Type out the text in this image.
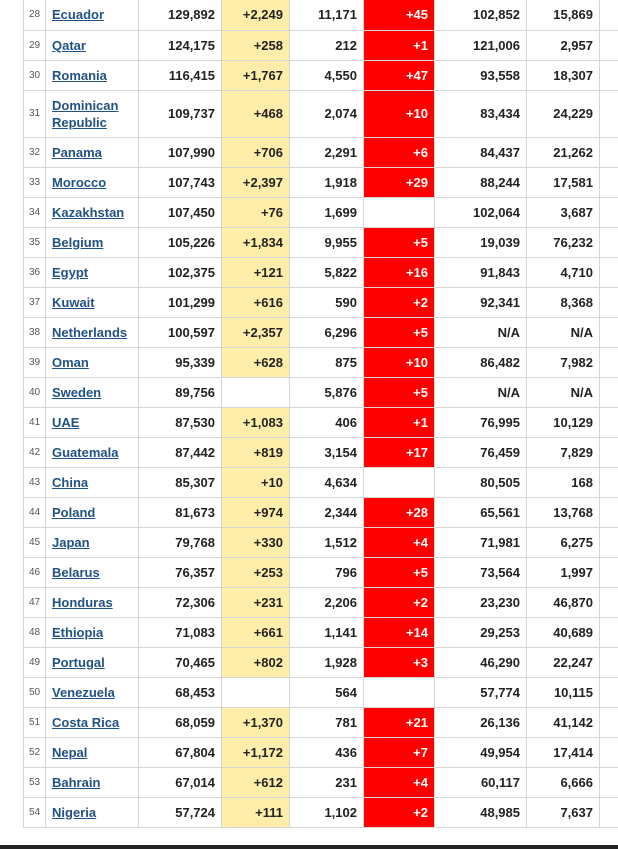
28	Ecuador	129,892	+2,249	11,171	+45	102,852	15,869	
29	Qatar	124,175	+258	212	+1	121,006	2,957	
30	Romania	116,415	+1,767	4,550	+47	93,558	18,307	
31	Dominican Republic	109,737	+468	2,074	+10	83,434	24,229	
32	Panama	107,990	+706	2,291	+6	84,437	21,262	
33	Morocco	107,743	+2,397	1,918	+29	88,244	17,581	
34	Kazakhstan	107,450	+76	1,699		102,064	3,687	
35	Belgium	105,226	+1,834	9,955	+5	19,039	76,232	
36	Egypt	102,375	+121	5,822	+16	91,843	4,710	
37	Kuwait	101,299	+616	590	+2	92,341	8,368	
38	Netherlands	100,597	+2,357	6,296	+5	N/A	N/A	
39	Oman	95,339	+628	875	+10	86,482	7,982	
40	Sweden	89,756		5,876	+5	N/A	N/A	
41	UAE	87,530	+1,083	406	+1	76,995	10,129	
42	Guatemala	87,442	+819	3,154	+17	76,459	7,829	
43	China	85,307	+10	4,634		80,505	168	
44	Poland	81,673	+974	2,344	+28	65,561	13,768	
45	Japan	79,768	+330	1,512	+4	71,981	6,275	
46	Belarus	76,357	+253	796	+5	73,564	1,997	
47	Honduras	72,306	+231	2,206	+2	23,230	46,870	
48	Ethiopia	71,083	+661	1,141	+14	29,253	40,689	
49	Portugal	70,465	+802	1,928	+3	46,290	22,247	
50	Venezuela	68,453		564		57,774	10,115	
51	Costa Rica	68,059	+1,370	781	+21	26,136	41,142	
52	Nepal	67,804	+1,172	436	+7	49,954	17,414	
53	Bahrain	67,014	+612	231	+4	60,117	6,666	
54	Nigeria	57,724	+111	1,102	+2	48,985	7,637	
